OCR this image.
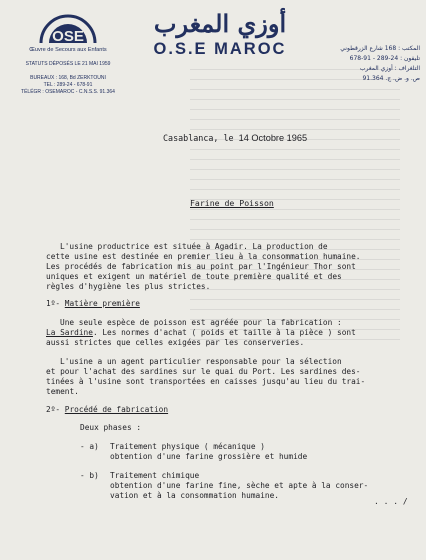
OSE
Œuvre de Secours aux Enfants
STATUTS DÉPOSÉS LE 21 MAI 1959
BUREAUX : 168, Bd ZERKTOUNI
TEL : 289-24 - 678-91
TÉLÉGR : OSEMAROC - C.N.S.S. 91.364
أوزي المغرب
O.S.E MAROC	المكتب : 168 شارع الزرقطوني
تليفون : 24-289 - 91-678
التلغراف : أوزي المغرب
ص. و. ض. ج. 91.364
Casablanca, le 14 Octobre 1965
Farine de Poisson
L'usine productrice est située à Agadir. La production de
cette usine est destinée en premier lieu à la consommation humaine.
Les procédés de fabrication mis au point par l'Ingénieur Thor sont
uniques et exigent un matériel de toute première qualité et des
règles d'hygiène les plus strictes.
1º- Matière première
Une seule espèce de poisson est agréée pour la fabrication :
La Sardine. Les normes d'achat ( poids et taille à la pièce ) sont
aussi strictes que celles exigées par les conserveries.
L'usine a un agent particulier responsable pour la sélection
et pour l'achat des sardines sur le quai du Port. Les sardines des-
tinées à l'usine sont transportées en caisses jusqu'au lieu du trai-
tement.
2º- Procédé de fabrication
Deux phases :
- a) Traitement physique ( mécanique )
obtention d'une farine grossière et humide
- b) Traitement chimique
obtention d'une farine fine, sèche et apte à la conser-
vation et à la consommation humaine.
. . . /
